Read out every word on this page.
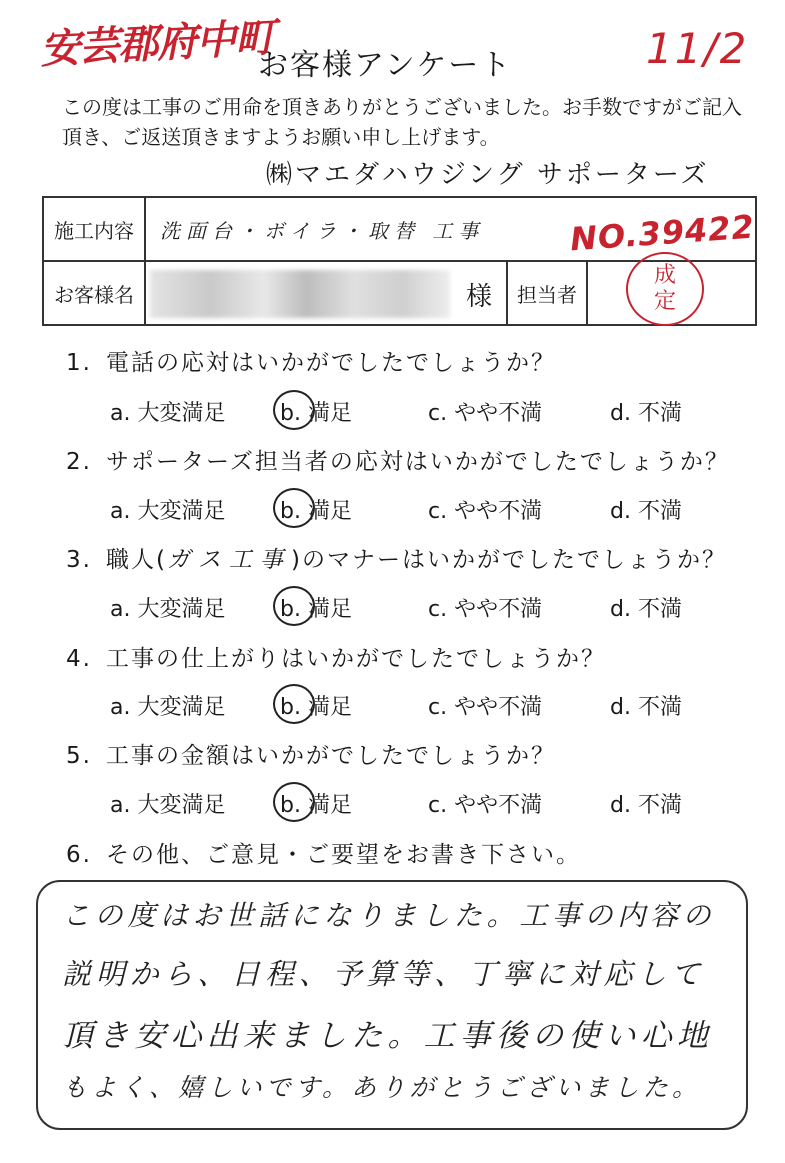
安芸郡府中町	11/2
お客様アンケート
この度は工事のご用命を頂きありがとうございました。お手数ですがご記入頂き、ご返送頂きますようお願い申し上げます。
㈱マエダハウジング サポーターズ
施工内容	洗面台・ボイラ・取替 工事		
お客様名	様	担当者	
NO.39422
成
定
1. 電話の応対はいかがでしたでしょうか？
a. 大変満足 b. 満足	c. やや不満	d. 不満
2. サポーターズ担当者の応対はいかがでしたでしょうか？
a. 大変満足 b. 満足	c. やや不満	d. 不満
3. 職人(ガス工事)のマナーはいかがでしたでしょうか？
a. 大変満足 b. 満足	c. やや不満	d. 不満
4. 工事の仕上がりはいかがでしたでしょうか？
a. 大変満足 b. 満足	c. やや不満	d. 不満
5. 工事の金額はいかがでしたでしょうか？
a. 大変満足 b. 満足	c. やや不満	d. 不満
6. その他、ご意見・ご要望をお書き下さい。
この度はお世話になりました。工事の内容の
説明から、日程、予算等、丁寧に対応して
頂き安心出来ました。工事後の使い心地
もよく、嬉しいです。ありがとうございました。
